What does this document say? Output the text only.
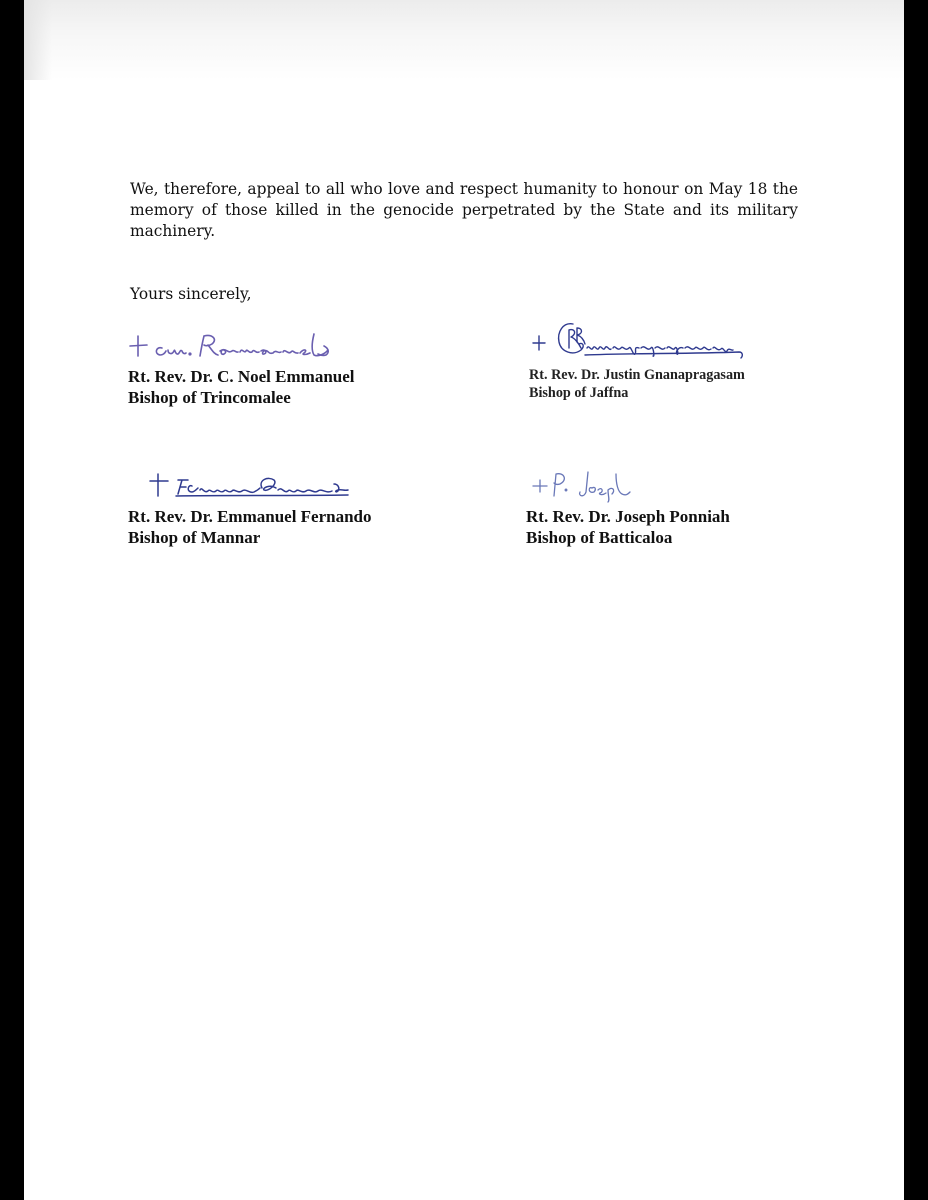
We, therefore, appeal to all who love and respect humanity to honour on May 18 the memory of those killed in the genocide perpetrated by the State and its military machinery.

Yours sincerely,

Rt. Rev. Dr. C. Noel Emmanuel
Bishop of Trincomalee
Rt. Rev. Dr. Justin Gnanapragasam
Bishop of Jaffna
Rt. Rev. Dr. Emmanuel Fernando
Bishop of Mannar
Rt. Rev. Dr. Joseph Ponniah
Bishop of Batticaloa
